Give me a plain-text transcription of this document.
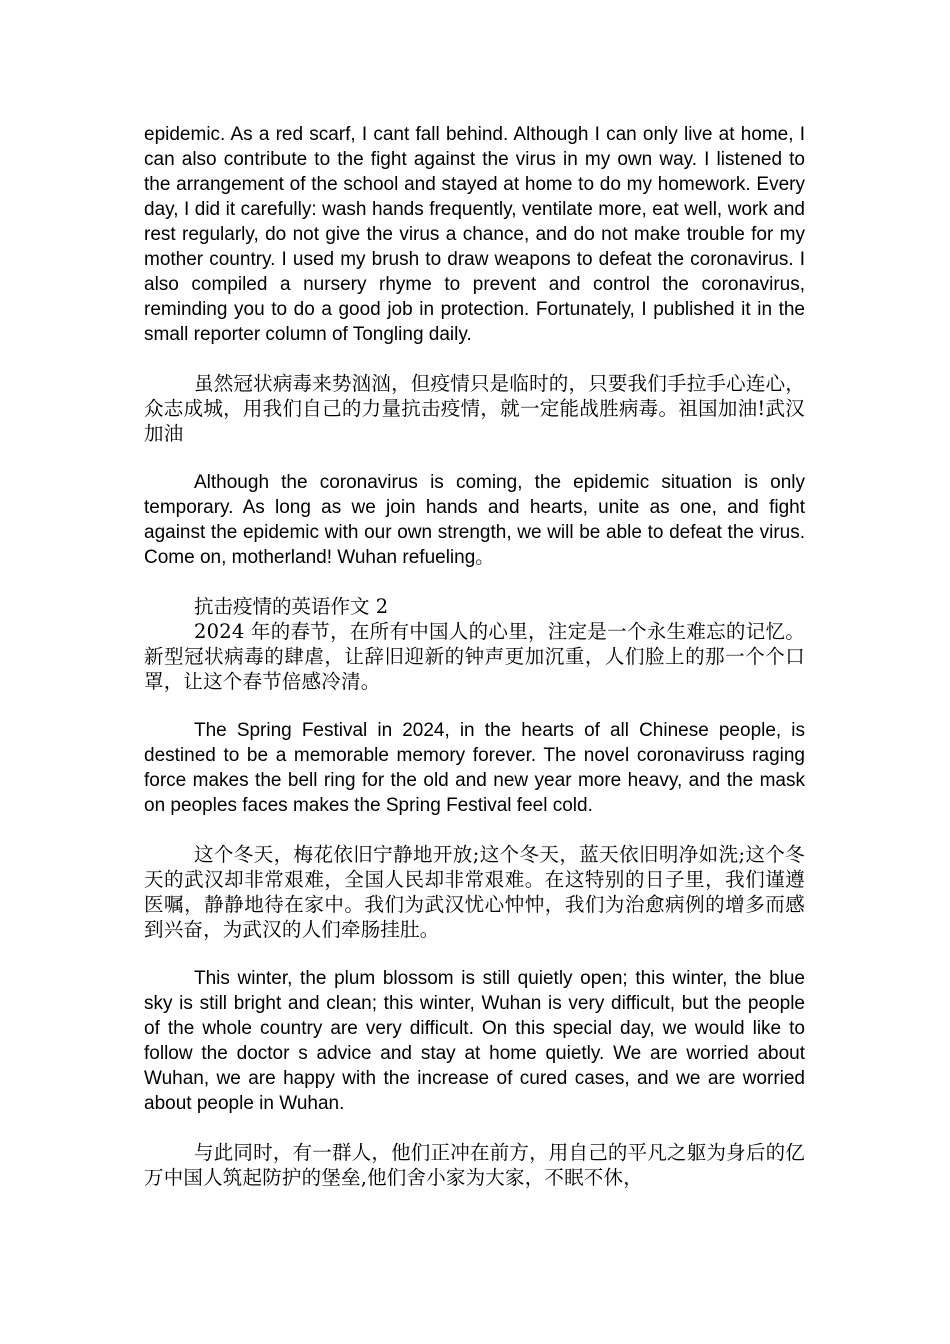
epidemic. As a red scarf, I cant fall behind. Although I can only live at home, I can also contribute to the fight against the virus in my own way. I listened to the arrangement of the school and stayed at home to do my homework. Every day, I did it carefully: wash hands frequently, ventilate more, eat well, work and rest regularly, do not give the virus a chance, and do not make trouble for my mother country. I used my brush to draw weapons to defeat the coronavirus. I also compiled a nursery rhyme to prevent and control the coronavirus, reminding you to do a good job in protection. Fortunately, I published it in the small reporter column of Tongling daily.

虽然冠状病毒来势汹汹，但疫情只是临时的，只要我们手拉手心连心，众志成城，用我们自己的力量抗击疫情，就一定能战胜病毒。祖国加油!武汉加油

Although the coronavirus is coming, the epidemic situation is only temporary. As long as we join hands and hearts, unite as one, and fight against the epidemic with our own strength, we will be able to defeat the virus. Come on, motherland! Wuhan refueling。

抗击疫情的英语作文 2

2024 年的春节，在所有中国人的心里，注定是一个永生难忘的记忆。新型冠状病毒的肆虐，让辞旧迎新的钟声更加沉重，人们脸上的那一个个口罩，让这个春节倍感冷清。

The Spring Festival in 2024, in the hearts of all Chinese people, is destined to be a memorable memory forever. The novel coronaviruss raging force makes the bell ring for the old and new year more heavy, and the mask on peoples faces makes the Spring Festival feel cold.

这个冬天，梅花依旧宁静地开放;这个冬天，蓝天依旧明净如洗;这个冬天的武汉却非常艰难，全国人民却非常艰难。在这特别的日子里，我们谨遵医嘱，静静地待在家中。我们为武汉忧心忡忡，我们为治愈病例的增多而感到兴奋，为武汉的人们牵肠挂肚。

This winter, the plum blossom is still quietly open; this winter, the blue sky is still bright and clean; this winter, Wuhan is very difficult, but the people of the whole country are very difficult. On this special day, we would like to follow the doctor s advice and stay at home quietly. We are worried about Wuhan, we are happy with the increase of cured cases, and we are worried about people in Wuhan.

与此同时，有一群人，他们正冲在前方，用自己的平凡之躯为身后的亿万中国人筑起防护的堡垒,他们舍小家为大家，不眠不休，
